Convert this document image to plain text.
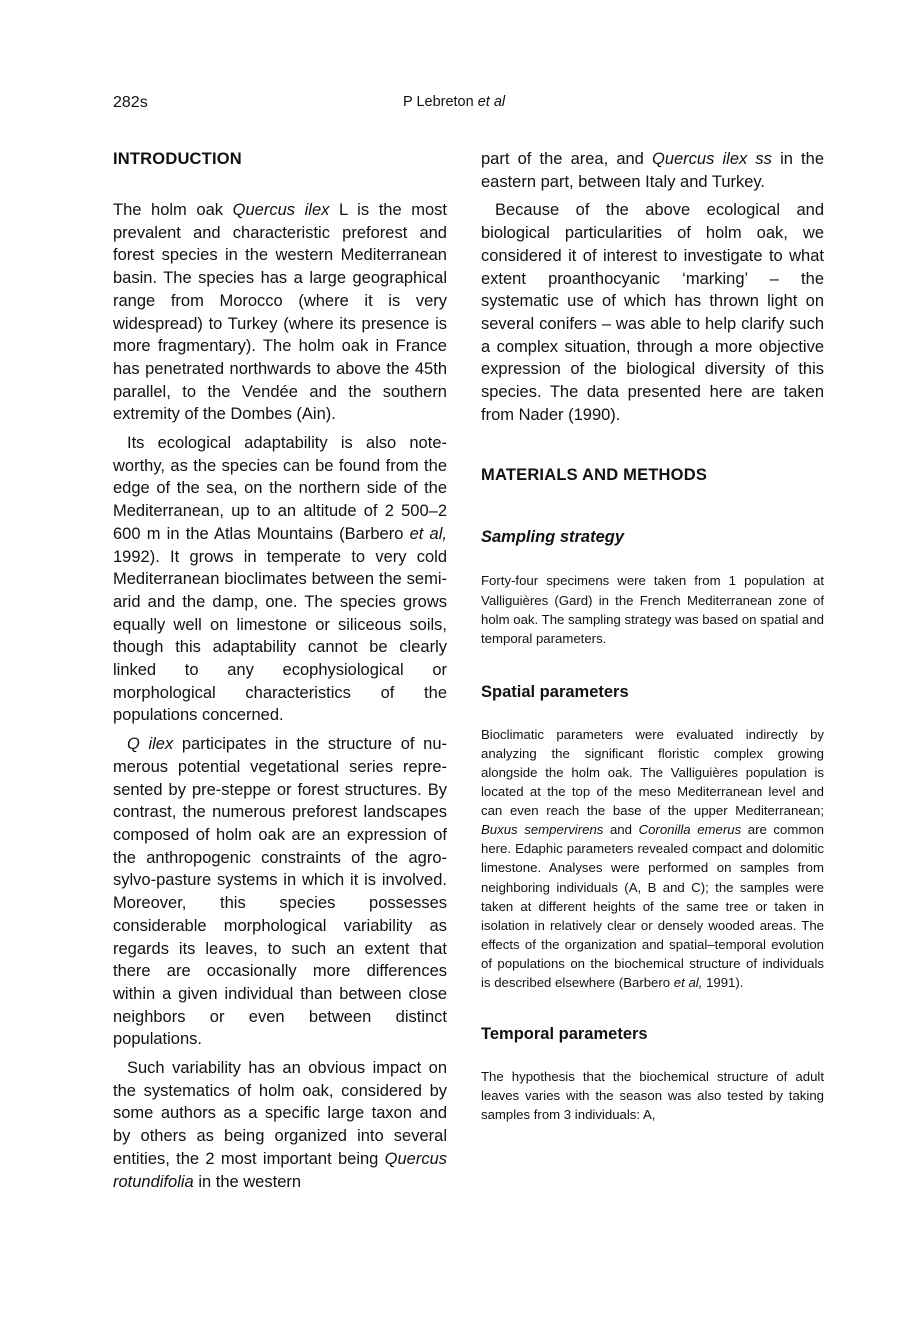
282s	P Lebreton et al
INTRODUCTION

The holm oak Quercus ilex L is the most prevalent and characteristic preforest and forest species in the western Mediterranean basin. The species has a large geographical range from Morocco (where it is very widespread) to Turkey (where its presence is more fragmentary). The holm oak in France has penetrated northwards to above the 45th parallel, to the Vendée and the southern extremity of the Dombes (Ain).

Its ecological adaptability is also noteworthy, as the species can be found from the edge of the sea, on the northern side of the Mediterranean, up to an altitude of 2 500–2 600 m in the Atlas Mountains (Barbero et al, 1992). It grows in temperate to very cold Mediterranean bioclimates between the semi-arid and the damp, one. The species grows equally well on limestone or siliceous soils, though this adaptability cannot be clearly linked to any ecophysiological or morphological characteristics of the populations concerned.

Q ilex participates in the structure of numerous potential vegetational series represented by pre-steppe or forest structures. By contrast, the numerous preforest landscapes composed of holm oak are an expression of the anthropogenic constraints of the agro-sylvo-pasture systems in which it is involved. Moreover, this species possesses considerable morphological variability as regards its leaves, to such an extent that there are occasionally more differences within a given individual than between close neighbors or even between distinct populations.

Such variability has an obvious impact on the systematics of holm oak, considered by some authors as a specific large taxon and by others as being organized into several entities, the 2 most important being Quercus rotundifolia in the western

part of the area, and Quercus ilex ss in the eastern part, between Italy and Turkey.

Because of the above ecological and biological particularities of holm oak, we considered it of interest to investigate to what extent proanthocyanic ‘marking’ – the systematic use of which has thrown light on several conifers – was able to help clarify such a complex situation, through a more objective expression of the biological diversity of this species. The data presented here are taken from Nader (1990).

MATERIALS AND METHODS
Sampling strategy

Forty-four specimens were taken from 1 population at Valliguières (Gard) in the French Mediterranean zone of holm oak. The sampling strategy was based on spatial and temporal parameters.

Spatial parameters

Bioclimatic parameters were evaluated indirectly by analyzing the significant floristic complex growing alongside the holm oak. The Valliguières population is located at the top of the meso Mediterranean level and can even reach the base of the upper Mediterranean; Buxus sempervirens and Coronilla emerus are common here. Edaphic parameters revealed compact and dolomitic limestone. Analyses were performed on samples from neighboring individuals (A, B and C); the samples were taken at different heights of the same tree or taken in isolation in relatively clear or densely wooded areas. The effects of the organization and spatial–temporal evolution of populations on the biochemical structure of individuals is described elsewhere (Barbero et al, 1991).

Temporal parameters

The hypothesis that the biochemical structure of adult leaves varies with the season was also tested by taking samples from 3 individuals: A,
